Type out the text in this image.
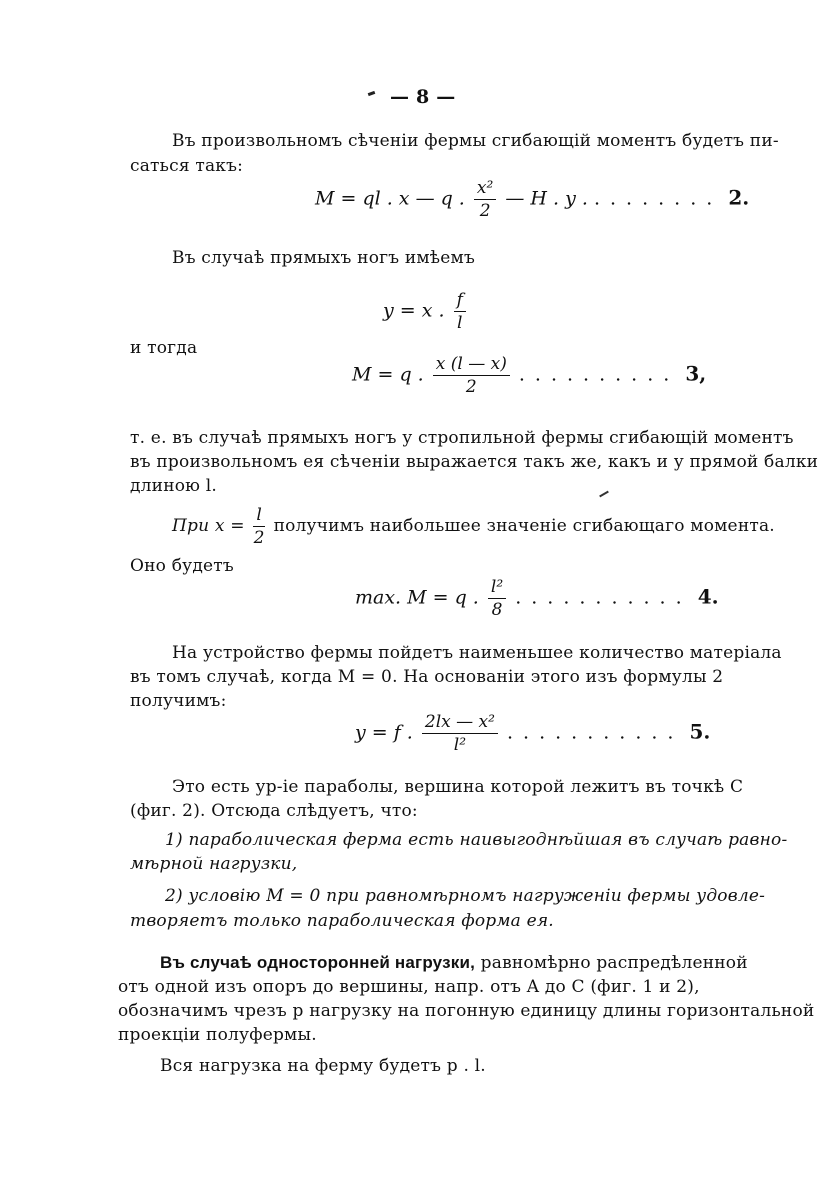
— 8 —
Въ произвольномъ сѣченіи фермы сгибающій моментъ будетъ пи-
саться такъ:
M = ql . x — q . $\frac{\text{x²}}{2}$ — H . y . ........ 2.
Въ случаѣ прямыхъ ногъ имѣемъ
y = x . $\frac{f}{l}$
и тогда
M = q . $\frac{x (l — x)}{2}$ .......... 3,
т. е. въ случаѣ прямыхъ ногъ у стропильной фермы сгибающій моментъ
въ произвольномъ ея сѣченіи выражается такъ же, какъ и у прямой балки
длиною l.
При $x = \frac{l}{2}$ получимъ наибольшее значеніе сгибающаго момента.
Оно будетъ
max. M = q . $\frac{\text{l²}}{8}$ ........... 4.
На устройство фермы пойдетъ наименьшее количество матеріала
въ томъ случаѣ, когда M = 0. На основаніи этого изъ формулы 2
получимъ:
y = f . $\frac{\text{2lx — x²}}{\text{l²}}$ ........... 5.
Это есть ур-іе параболы, вершина которой лежитъ въ точкѣ C
(фиг. 2). Отсюда слѣдуетъ, что:
1) параболическая ферма есть наивыгоднѣйшая въ случаѣ равно-
мѣрной нагрузки,
2) условію M = 0 при равномѣрномъ нагруженіи фермы удовле-
творяетъ только параболическая форма ея.
Въ случаѣ односторонней нагрузки, равномѣрно распредѣленной
отъ одной изъ опоръ до вершины, напр. отъ A до C (фиг. 1 и 2),
обозначимъ чрезъ p нагрузку на погонную единицу длины горизонтальной
проекціи полуфермы.
Вся нагрузка на ферму будетъ p . l.
